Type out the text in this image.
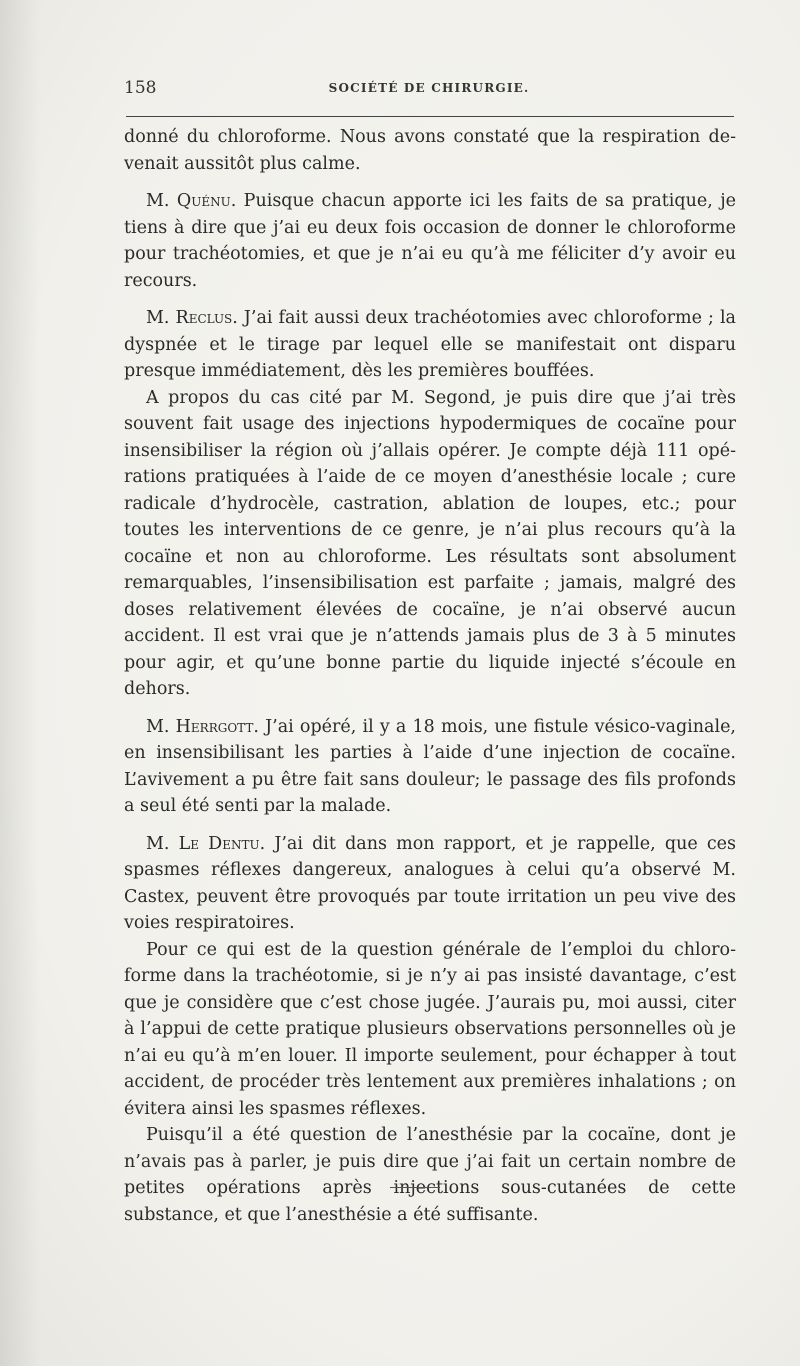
158	SOCIÉTÉ DE CHIRURGIE.

donné du chloroforme. Nous avons constaté que la respiration devenait aussitôt plus calme.

M. Quénu. Puisque chacun apporte ici les faits de sa pratique, je tiens à dire que j’ai eu deux fois occasion de donner le chloroforme pour trachéotomies, et que je n’ai eu qu’à me féliciter d’y avoir eu recours.

M. Reclus. J’ai fait aussi deux trachéotomies avec chloroforme ; la dyspnée et le tirage par lequel elle se manifestait ont disparu presque immédiatement, dès les premières bouffées.

A propos du cas cité par M. Segond, je puis dire que j’ai très souvent fait usage des injections hypodermiques de cocaïne pour insensibiliser la région où j’allais opérer. Je compte déjà 111 opérations pratiquées à l’aide de ce moyen d’anesthésie locale ; cure radicale d’hydrocèle, castration, ablation de loupes, etc.; pour toutes les interventions de ce genre, je n’ai plus recours qu’à la cocaïne et non au chloroforme. Les résultats sont absolument remarquables, l’insensibilisation est parfaite ; jamais, malgré des doses relativement élevées de cocaïne, je n’ai observé aucun accident. Il est vrai que je n’attends jamais plus de 3 à 5 minutes pour agir, et qu’une bonne partie du liquide injecté s’écoule en dehors.

M. Herrgott. J’ai opéré, il y a 18 mois, une fistule vésico-vaginale, en insensibilisant les parties à l’aide d’une injection de cocaïne. L’avivement a pu être fait sans douleur; le passage des fils profonds a seul été senti par la malade.

M. Le Dentu. J’ai dit dans mon rapport, et je rappelle, que ces spasmes réflexes dangereux, analogues à celui qu’a observé M. Castex, peuvent être provoqués par toute irritation un peu vive des voies respiratoires.

Pour ce qui est de la question générale de l’emploi du chloroforme dans la trachéotomie, si je n’y ai pas insisté davantage, c’est que je considère que c’est chose jugée. J’aurais pu, moi aussi, citer à l’appui de cette pratique plusieurs observations personnelles où je n’ai eu qu’à m’en louer. Il importe seulement, pour échapper à tout accident, de procéder très lentement aux premières inhalations ; on évitera ainsi les spasmes réflexes.

Puisqu’il a été question de l’anesthésie par la cocaïne, dont je n’avais pas à parler, je puis dire que j’ai fait un certain nombre de petites opérations après injections sous-cutanées de cette substance, et que l’anesthésie a été suffisante.
